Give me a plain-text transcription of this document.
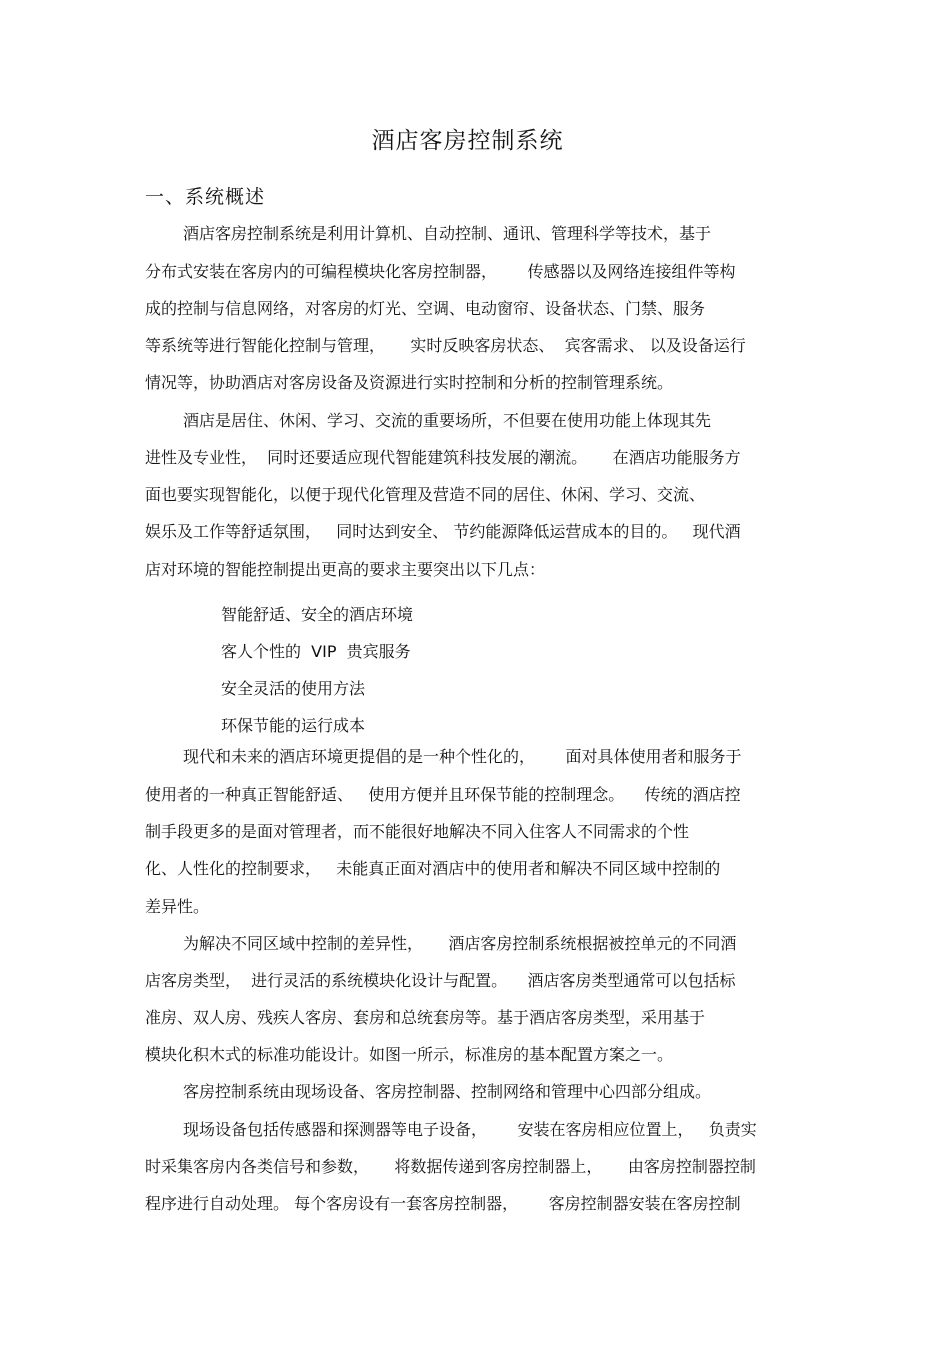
酒店客房控制系统
一、系统概述
酒店客房控制系统是利用计算机、自动控制、通讯、管理科学等技术，基于
分布式安装在客房内的可编程模块化客房控制器，      传感器以及网络连接组件等构
成的控制与信息网络，对客房的灯光、空调、电动窗帘、设备状态、门禁、服务
等系统等进行智能化控制与管理，     实时反映客房状态、  宾客需求、 以及设备运行
情况等，协助酒店对客房设备及资源进行实时控制和分析的控制管理系统。
酒店是居住、休闲、学习、交流的重要场所，不但要在使用功能上体现其先
进性及专业性，  同时还要适应现代智能建筑科技发展的潮流。     在酒店功能服务方
面也要实现智能化，以便于现代化管理及营造不同的居住、休闲、学习、交流、
娱乐及工作等舒适氛围，   同时达到安全、 节约能源降低运营成本的目的。   现代酒
店对环境的智能控制提出更高的要求主要突出以下几点：
智能舒适、安全的酒店环境
客人个性的  VIP  贵宾服务
安全灵活的使用方法
环保节能的运行成本
现代和未来的酒店环境更提倡的是一种个性化的，      面对具体使用者和服务于
使用者的一种真正智能舒适、   使用方便并且环保节能的控制理念。    传统的酒店控
制手段更多的是面对管理者，而不能很好地解决不同入住客人不同需求的个性
化、人性化的控制要求，   未能真正面对酒店中的使用者和解决不同区域中控制的
差异性。
为解决不同区域中控制的差异性，     酒店客房控制系统根据被控单元的不同酒
店客房类型，  进行灵活的系统模块化设计与配置。    酒店客房类型通常可以包括标
准房、双人房、残疾人客房、套房和总统套房等。基于酒店客房类型，采用基于
模块化积木式的标准功能设计。如图一所示，标准房的基本配置方案之一。
客房控制系统由现场设备、客房控制器、控制网络和管理中心四部分组成。
现场设备包括传感器和探测器等电子设备，      安装在客房相应位置上，   负责实
时采集客房内各类信号和参数，     将数据传递到客房控制器上，     由客房控制器控制
程序进行自动处理。 每个客房设有一套客房控制器，      客房控制器安装在客房控制
